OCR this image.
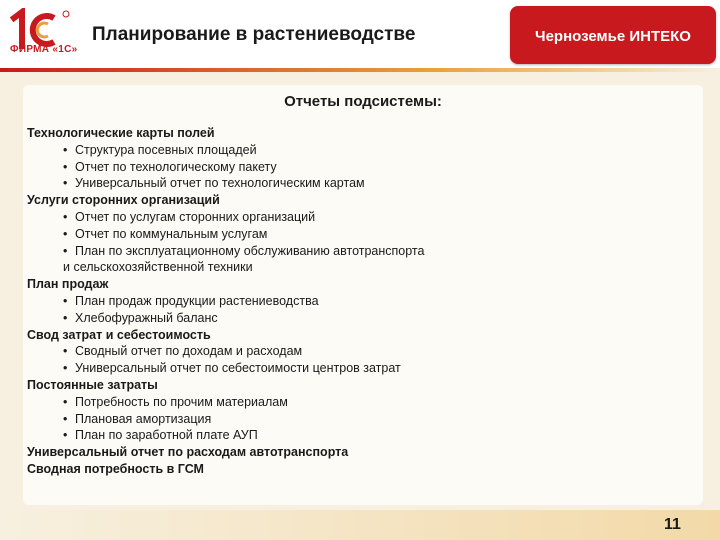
ФИРМА «1С»
Планирование в растениеводстве	Черноземье ИНТЕКО
Отчеты подсистемы:
Технологические карты полей
• Структура посевных площадей
• Отчет по технологическому пакету
• Универсальный отчет по технологическим картам
Услуги сторонних организаций
• Отчет по услугам сторонних организаций
• Отчет по коммунальным услугам
• План по эксплуатационному обслуживанию автотранспорта
и сельскохозяйственной техники
План продаж
• План продаж продукции растениеводства
• Хлебофуражный баланс
Свод затрат и себестоимость
• Сводный отчет по доходам и расходам
• Универсальный отчет по себестоимости центров затрат
Постоянные затраты
• Потребность по прочим материалам
• Плановая амортизация
• План по заработной плате АУП
Универсальный отчет по расходам автотранспорта
Сводная потребность в ГСМ
11
